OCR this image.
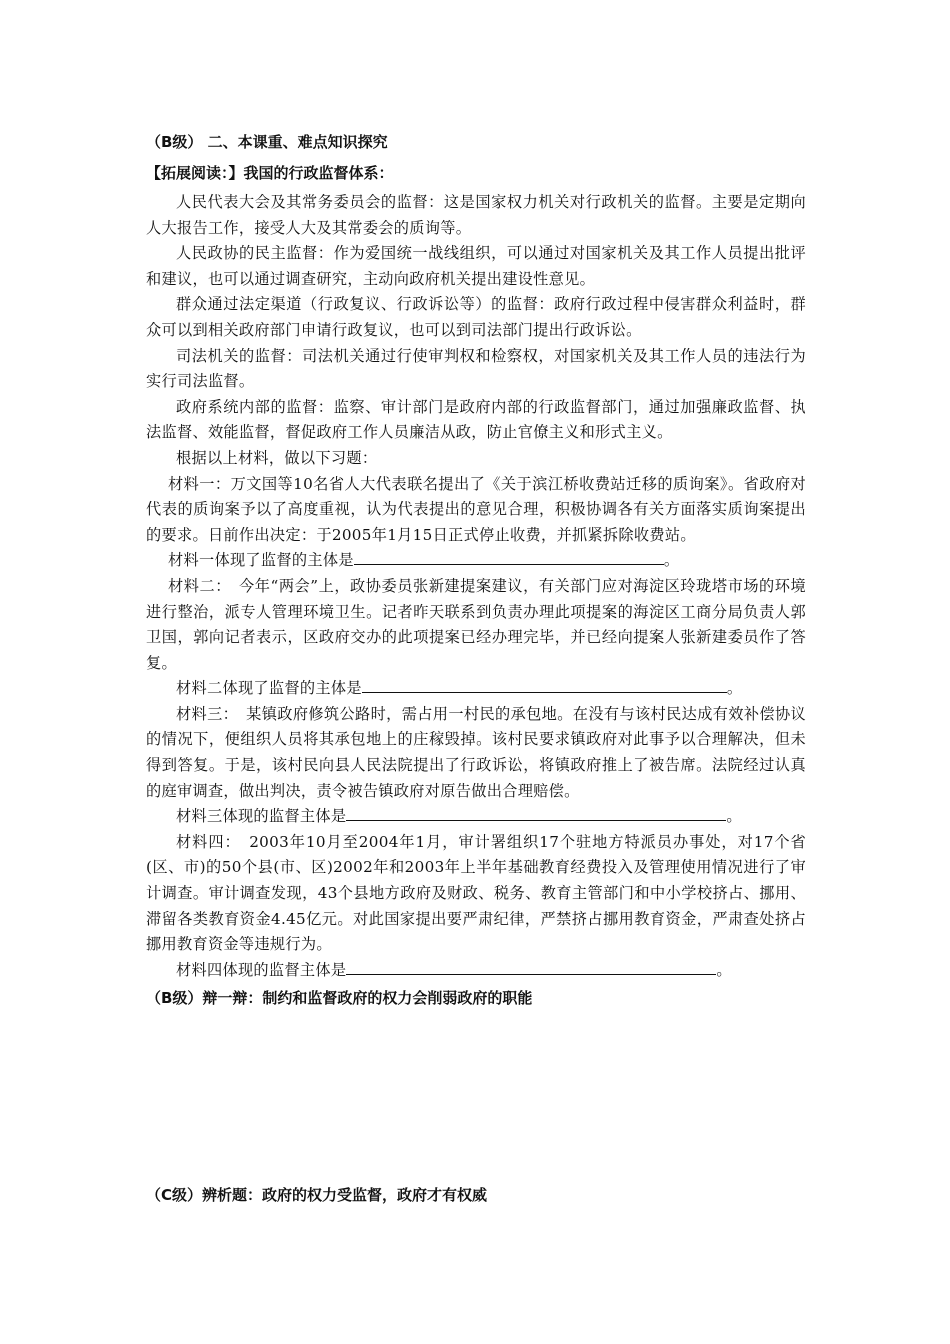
（B级） 二、本课重、难点知识探究
【拓展阅读：】我国的行政监督体系：

人民代表大会及其常务委员会的监督：这是国家权力机关对行政机关的监督。主要是定期向人大报告工作，接受人大及其常委会的质询等。

人民政协的民主监督：作为爱国统一战线组织，可以通过对国家机关及其工作人员提出批评和建议，也可以通过调查研究，主动向政府机关提出建设性意见。

群众通过法定渠道（行政复议、行政诉讼等）的监督：政府行政过程中侵害群众利益时，群众可以到相关政府部门申请行政复议，也可以到司法部门提出行政诉讼。

司法机关的监督：司法机关通过行使审判权和检察权，对国家机关及其工作人员的违法行为实行司法监督。

政府系统内部的监督：监察、审计部门是政府内部的行政监督部门，通过加强廉政监督、执法监督、效能监督，督促政府工作人员廉洁从政，防止官僚主义和形式主义。

根据以上材料，做以下习题：

材料一：万文国等10名省人大代表联名提出了《关于滨江桥收费站迁移的质询案》。省政府对代表的质询案予以了高度重视，认为代表提出的意见合理，积极协调各有关方面落实质询案提出的要求。日前作出决定：于2005年1月15日正式停止收费，并抓紧拆除收费站。

材料一体现了监督的主体是	。

材料二：　今年“两会”上，政协委员张新建提案建议，有关部门应对海淀区玲珑塔市场的环境进行整治，派专人管理环境卫生。记者昨天联系到负责办理此项提案的海淀区工商分局负责人郭卫国，郭向记者表示，区政府交办的此项提案已经办理完毕，并已经向提案人张新建委员作了答复。

材料二体现了监督的主体是	。

材料三：　某镇政府修筑公路时，需占用一村民的承包地。在没有与该村民达成有效补偿协议的情况下，便组织人员将其承包地上的庄稼毁掉。该村民要求镇政府对此事予以合理解决，但未得到答复。于是，该村民向县人民法院提出了行政诉讼，将镇政府推上了被告席。法院经过认真的庭审调查，做出判决，责令被告镇政府对原告做出合理赔偿。

材料三体现的监督主体是	。

材料四：　2003年10月至2004年1月，审计署组织17个驻地方特派员办事处，对17个省(区、市)的50个县(市、区)2002年和2003年上半年基础教育经费投入及管理使用情况进行了审计调查。审计调查发现，43个县地方政府及财政、税务、教育主管部门和中小学校挤占、挪用、滞留各类教育资金4.45亿元。对此国家提出要严肃纪律，严禁挤占挪用教育资金，严肃查处挤占挪用教育资金等违规行为。

材料四体现的监督主体是	。

（B级）辩一辩：制约和监督政府的权力会削弱政府的职能
（C级）辨析题：政府的权力受监督，政府才有权威
